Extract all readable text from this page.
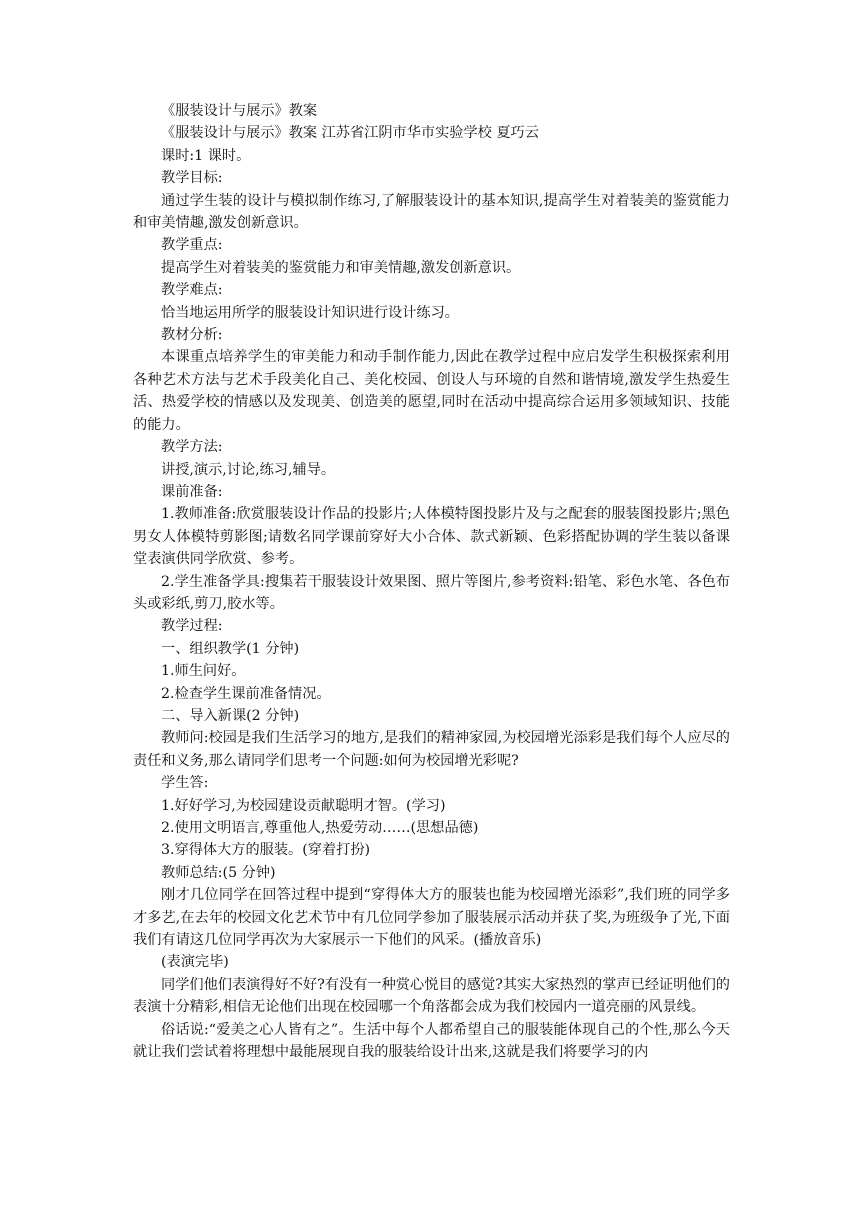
《服装设计与展示》教案

《服装设计与展示》教案 江苏省江阴市华市实验学校 夏巧云

课时:1 课时。

教学目标:

通过学生装的设计与模拟制作练习,了解服装设计的基本知识,提高学生对着装美的鉴赏能力和审美情趣,激发创新意识。

教学重点:

提高学生对着装美的鉴赏能力和审美情趣,激发创新意识。

教学难点:

恰当地运用所学的服装设计知识进行设计练习。

教材分析:

本课重点培养学生的审美能力和动手制作能力,因此在教学过程中应启发学生积极探索利用各种艺术方法与艺术手段美化自己、美化校园、创设人与环境的自然和谐情境,激发学生热爱生活、热爱学校的情感以及发现美、创造美的愿望,同时在活动中提高综合运用多领域知识、技能的能力。

教学方法:

讲授,演示,讨论,练习,辅导。

课前准备:

1.教师准备:欣赏服装设计作品的投影片;人体模特图投影片及与之配套的服装图投影片;黑色男女人体模特剪影图;请数名同学课前穿好大小合体、款式新颖、色彩搭配协调的学生装以备课堂表演供同学欣赏、参考。

2.学生准备学具:搜集若干服装设计效果图、照片等图片,参考资料:铅笔、彩色水笔、各色布头或彩纸,剪刀,胶水等。

教学过程:

一、组织教学(1 分钟)

1.师生问好。

2.检查学生课前准备情况。

二、导入新课(2 分钟)

教师问:校园是我们生活学习的地方,是我们的精神家园,为校园增光添彩是我们每个人应尽的责任和义务,那么请同学们思考一个问题:如何为校园增光彩呢?

学生答:

1.好好学习,为校园建设贡献聪明才智。(学习)

2.使用文明语言,尊重他人,热爱劳动……(思想品德)

3.穿得体大方的服装。(穿着打扮)

教师总结:(5 分钟)

刚才几位同学在回答过程中提到“穿得体大方的服装也能为校园增光添彩”,我们班的同学多才多艺,在去年的校园文化艺术节中有几位同学参加了服装展示活动并获了奖,为班级争了光,下面我们有请这几位同学再次为大家展示一下他们的风采。(播放音乐)

(表演完毕)

同学们他们表演得好不好?有没有一种赏心悦目的感觉?其实大家热烈的掌声已经证明他们的表演十分精彩,相信无论他们出现在校园哪一个角落都会成为我们校园内一道亮丽的风景线。

俗话说:“爱美之心人皆有之”。生活中每个人都希望自己的服装能体现自己的个性,那么今天就让我们尝试着将理想中最能展现自我的服装给设计出来,这就是我们将要学习的内
